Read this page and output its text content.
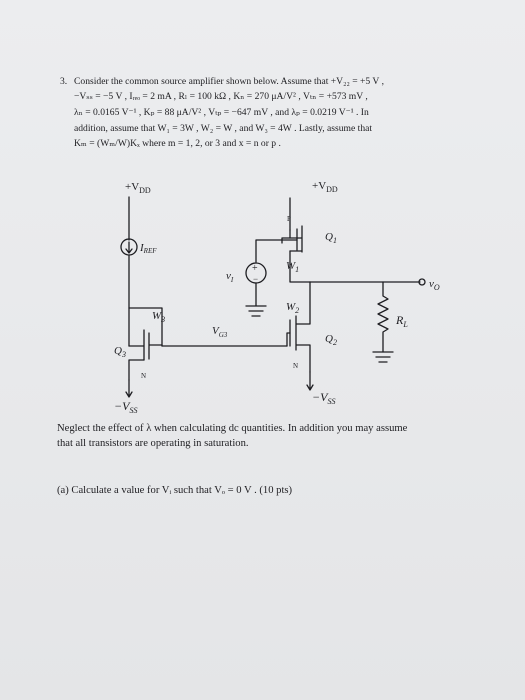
3. Consider the common source amplifier shown below. Assume that +V₂₂ = +5 V ,
−Vₛₛ = −5 V , Iᵣₑₒ = 2 mA , Rₗ = 100 kΩ , Kₙ = 270 μA/V² , Vₜₙ = +573 mV ,
λₙ = 0.0165 V⁻¹ , Kₚ = 88 μA/V² , Vₜₚ = −647 mV , and λₚ = 0.0219 V⁻¹ . In
addition, assume that W₁ = 3W , W₂ = W , and W₃ = 4W . Lastly, assume that
Kₘ = (Wₘ/W)Kₓ where m = 1, 2, or 3 and x = n or p .
$+V_{DD}$	$+V_{DD}$
IREF
$Q_1$
$W_1$
$v_I$
+
−	$v_O$
$R_L$
$W_3$
$V_{G3}$
$W_2$
$Q_2$
$Q_3$
P
N
N
$-V_{SS}$
$-V_{SS}$
Neglect the effect of λ when calculating dc quantities. In addition you may assume
that all transistors are operating in saturation.
(a) Calculate a value for Vᵢ such that Vₒ = 0 V . (10 pts)
